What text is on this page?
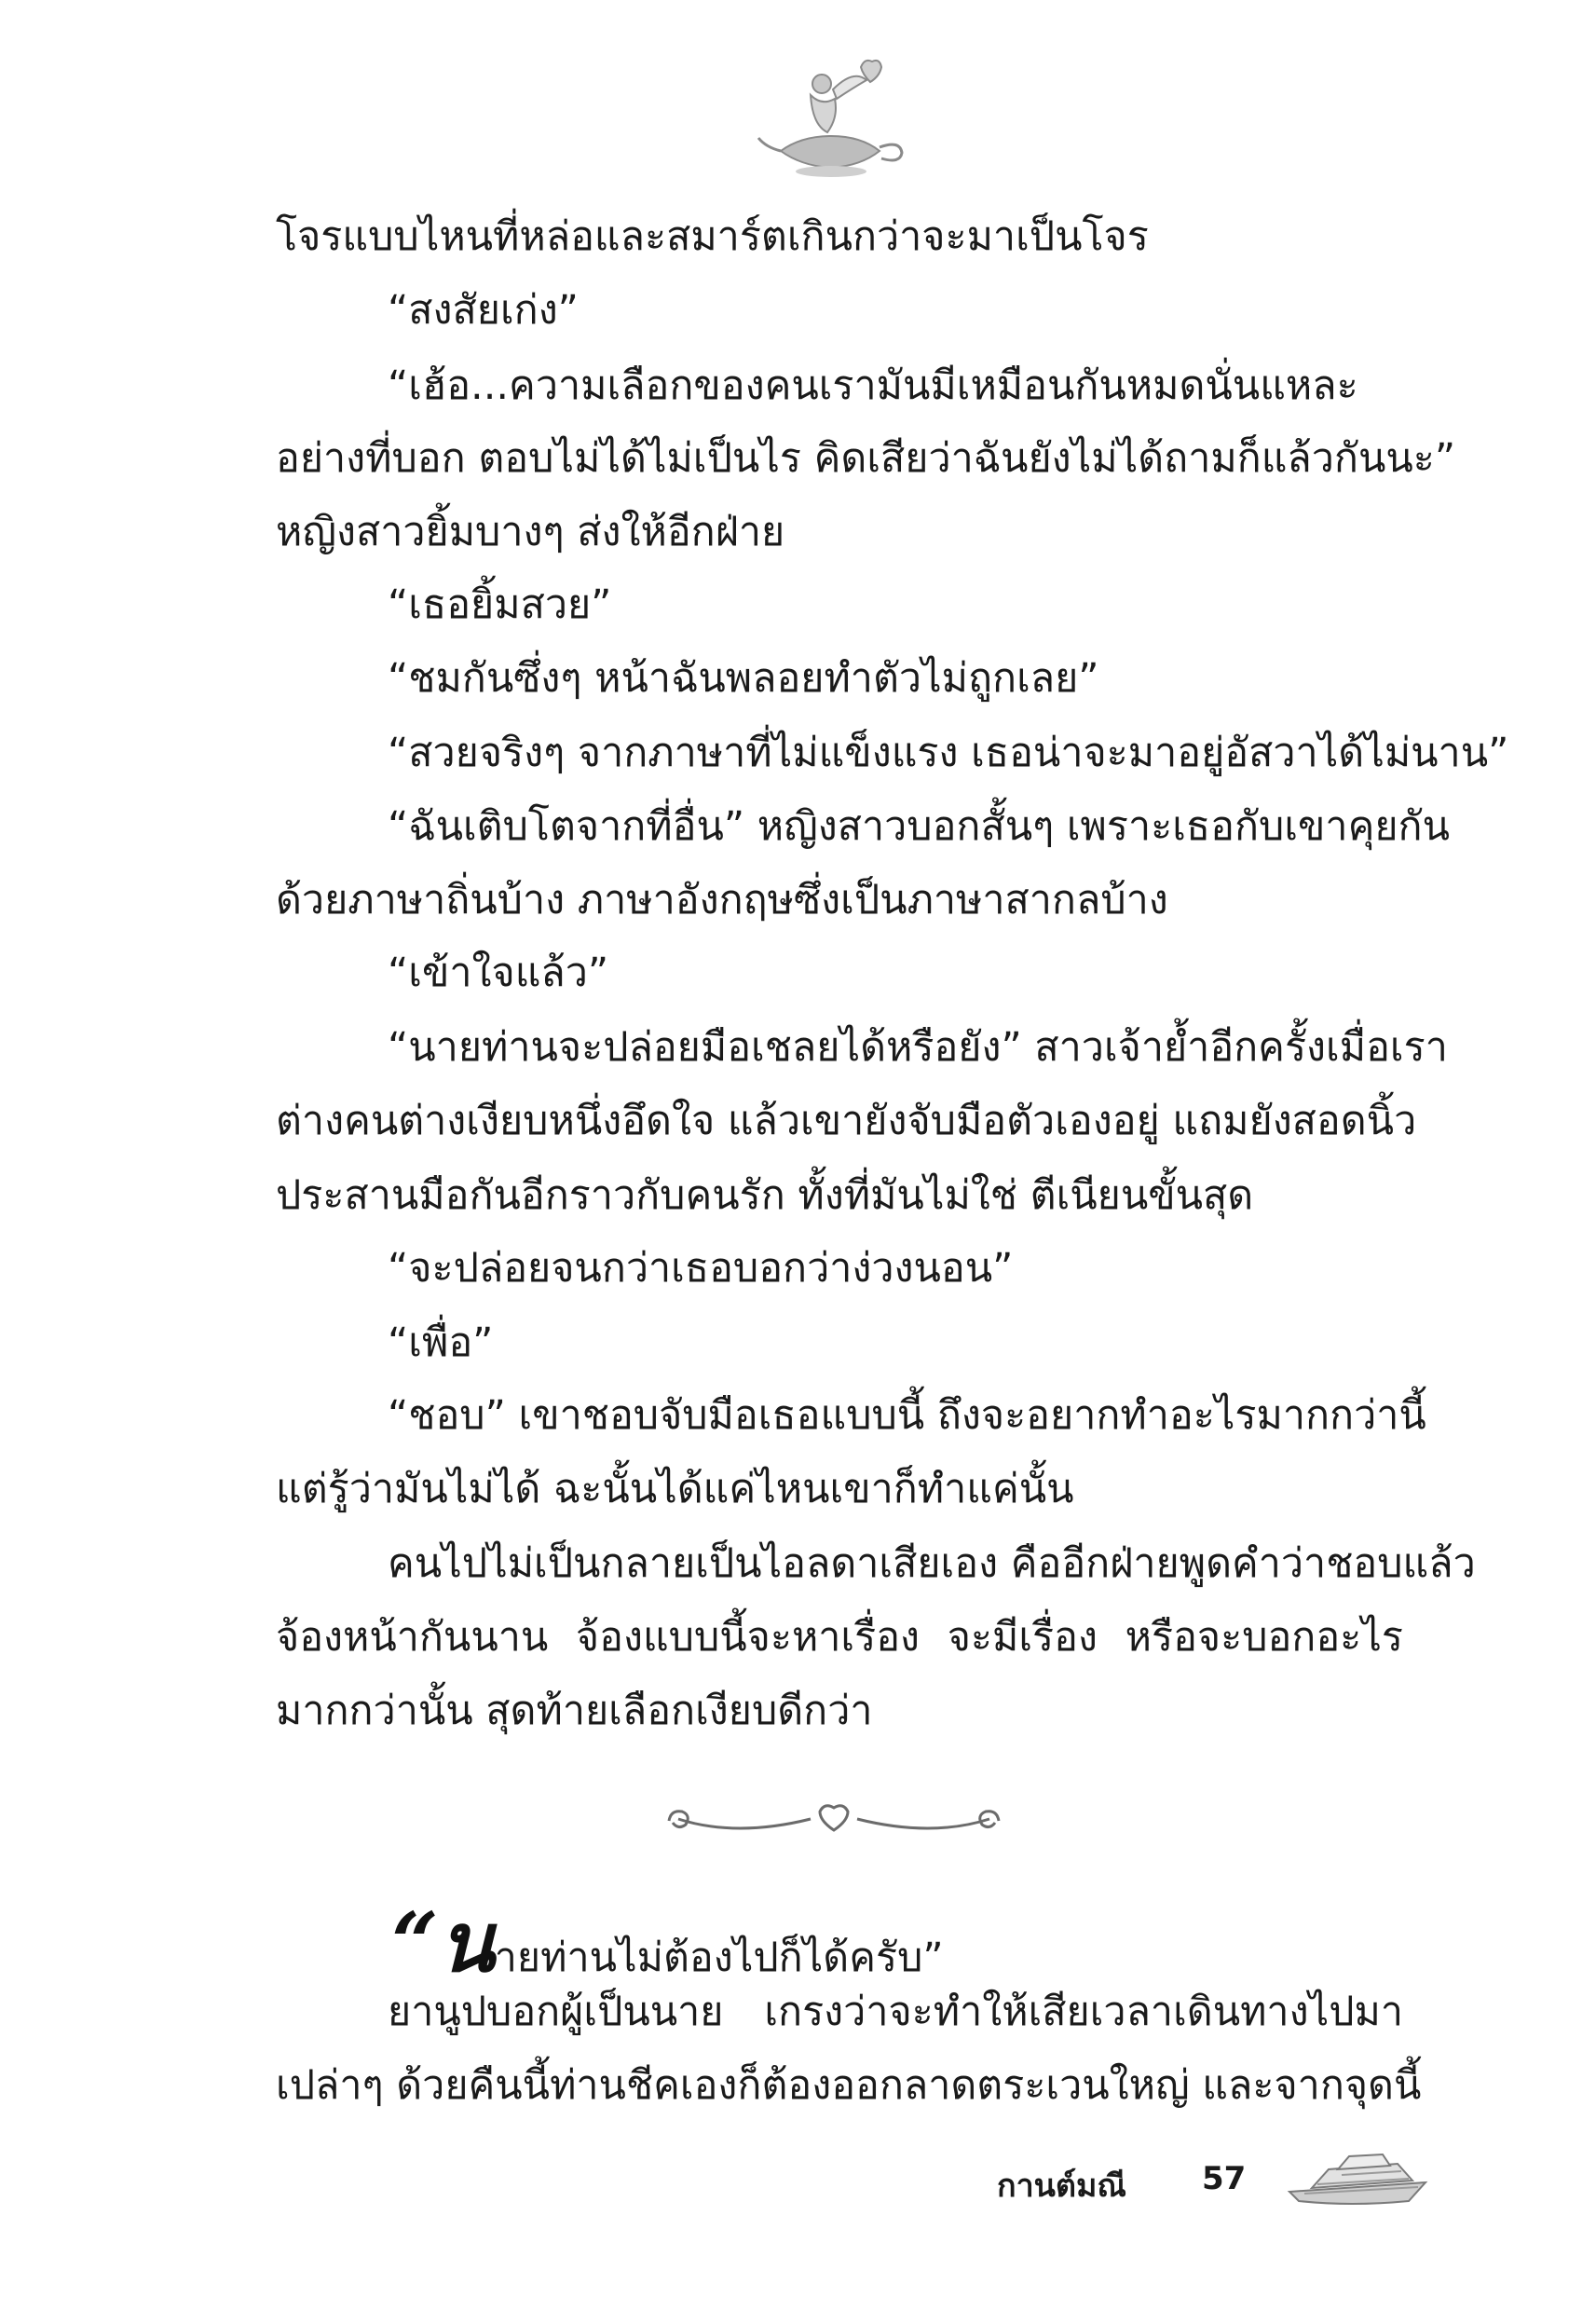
โจรแบบไหนที่หล่อและสมาร์ตเกินกว่าจะมาเป็นโจร
“สงสัยเก่ง”
“เฮ้อ...ความเลือกของคนเรามันมีเหมือนกันหมดนั่นแหละ
อย่างที่บอก ตอบไม่ได้ไม่เป็นไร คิดเสียว่าฉันยังไม่ได้ถามก็แล้วกันนะ”
หญิงสาวยิ้มบางๆ ส่งให้อีกฝ่าย
“เธอยิ้มสวย”
“ชมกันซึ่งๆ หน้าฉันพลอยทำตัวไม่ถูกเลย”
“สวยจริงๆ จากภาษาที่ไม่แข็งแรง เธอน่าจะมาอยู่อัสวาได้ไม่นาน”
“ฉันเติบโตจากที่อื่น” หญิงสาวบอกสั้นๆ เพราะเธอกับเขาคุยกัน
ด้วยภาษาถิ่นบ้าง ภาษาอังกฤษซึ่งเป็นภาษาสากลบ้าง
“เข้าใจแล้ว”
“นายท่านจะปล่อยมือเชลยได้หรือยัง” สาวเจ้าย้ำอีกครั้งเมื่อเรา
ต่างคนต่างเงียบหนึ่งอึดใจ แล้วเขายังจับมือตัวเองอยู่ แถมยังสอดนิ้ว
ประสานมือกันอีกราวกับคนรัก ทั้งที่มันไม่ใช่ ตีเนียนขั้นสุด
“จะปล่อยจนกว่าเธอบอกว่าง่วงนอน”
“เพื่อ”
“ชอบ” เขาชอบจับมือเธอแบบนี้ ถึงจะอยากทำอะไรมากกว่านี้
แต่รู้ว่ามันไม่ได้ ฉะนั้นได้แค่ไหนเขาก็ทำแค่นั้น
คนไปไม่เป็นกลายเป็นไอลดาเสียเอง คืออีกฝ่ายพูดคำว่าชอบแล้ว
จ้องหน้ากันนาน จ้องแบบนี้จะหาเรื่อง จะมีเรื่อง หรือจะบอกอะไร
มากกว่านั้น สุดท้ายเลือกเงียบดีกว่า
“นายท่านไม่ต้องไปก็ได้ครับ”
ยานูปบอกผู้เป็นนาย เกรงว่าจะทำให้เสียเวลาเดินทางไปมา
เปล่าๆ ด้วยคืนนี้ท่านชีคเองก็ต้องออกลาดตระเวนใหญ่ และจากจุดนี้
กานต์มณี 57
